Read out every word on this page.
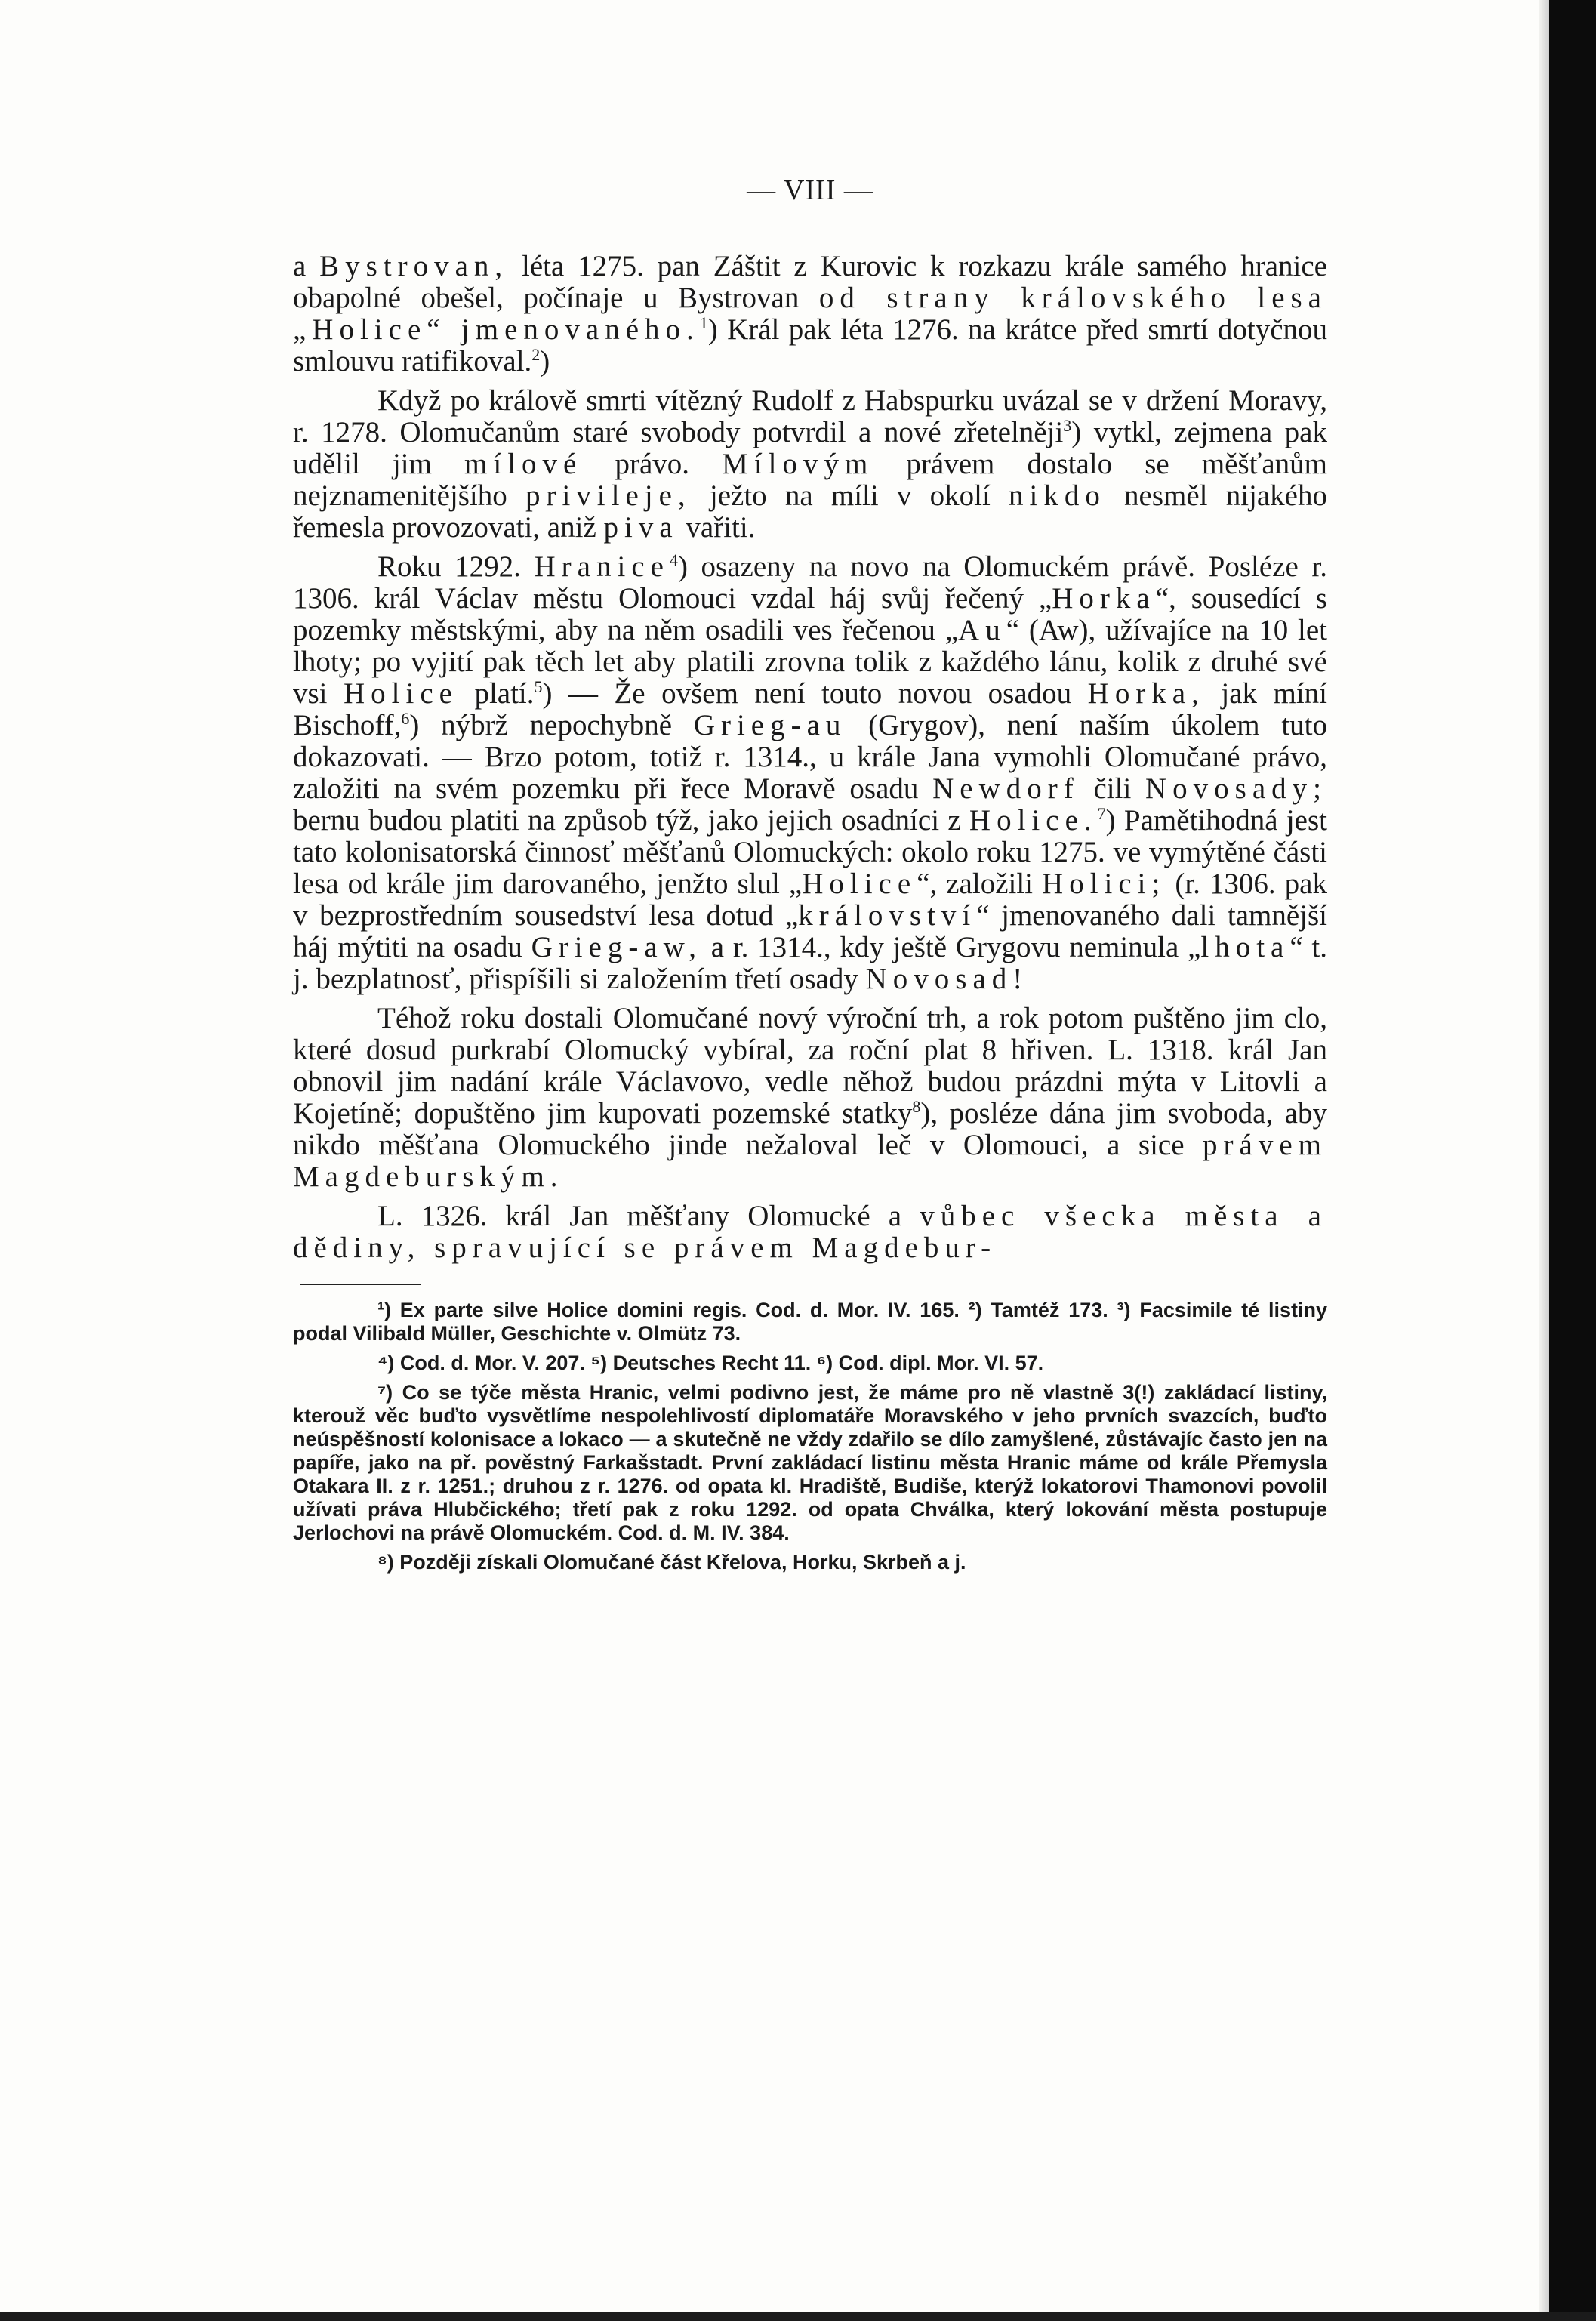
— VIII —

a Bystrovan, léta 1275. pan Záštit z Kurovic k rozkazu krále samého hranice obapolné obešel, počínaje u Bystrovan od strany královského lesa „Holice“ jmenovaného.$^1$) Král pak léta 1276. na krátce před smrtí dotyčnou smlouvu ratifikoval.$^2$)

Když po králově smrti vítězný Rudolf z Habspurku uvázal se v držení Moravy, r. 1278. Olomučanům staré svobody potvrdil a nové zřetelněji$^3$) vytkl, zejmena pak udělil jim mílové právo. Mílovým právem dostalo se měšťanům nejznamenitějšího privileje, ježto na míli v okolí nikdo nesměl nijakého řemesla provozovati, aniž piva vařiti.

Roku 1292. Hranice$^4$) osazeny na novo na Olomuckém právě. Posléze r. 1306. král Václav městu Olomouci vzdal háj svůj řečený „Horka“, sousedící s pozemky městskými, aby na něm osadili ves řečenou „Au“ (Aw), užívajíce na 10 let lhoty; po vyjití pak těch let aby platili zrovna tolik z každého lánu, kolik z druhé své vsi Holice platí.$^5$) — Že ovšem není touto novou osadou Horka, jak míní Bischoff,$^6$) nýbrž nepochybně Grieg-au (Grygov), není naším úkolem tuto dokazovati. — Brzo potom, totiž r. 1314., u krále Jana vymohli Olomučané právo, založiti na svém pozemku při řece Moravě osadu Newdorf čili Novosady; bernu budou platiti na způsob týž, jako jejich osadníci z Holice.$^7$) Pamětihodná jest tato kolonisatorská činnosť měšťanů Olomuckých: okolo roku 1275. ve vymýtěné části lesa od krále jim darovaného, jenžto slul „Holice“, založili Holici; (r. 1306. pak v bezprostředním sousedství lesa dotud „království“ jmenovaného dali tamnější háj mýtiti na osadu Grieg-aw, a r. 1314., kdy ještě Grygovu neminula „lhota“ t. j. bezplatnosť, přispíšili si založením třetí osady Novosad!

Téhož roku dostali Olomučané nový výroční trh, a rok potom puštěno jim clo, které dosud purkrabí Olomucký vybíral, za roční plat 8 hřiven. L. 1318. král Jan obnovil jim nadání krále Václavovo, vedle něhož budou prázdni mýta v Litovli a Kojetíně; dopuštěno jim kupovati pozemské statky$^8$), posléze dána jim svoboda, aby nikdo měšťana Olomuckého jinde nežaloval leč v Olomouci, a sice právem Magdeburským.

L. 1326. král Jan měšťany Olomucké a vůbec všecka města a dědiny, spravující se právem Magdebur-

¹) Ex parte silve Holice domini regis. Cod. d. Mor. IV. 165. ²) Tamtéž 173. ³) Facsimile té listiny podal Vilibald Müller, Geschichte v. Olmütz 73.

⁴) Cod. d. Mor. V. 207. ⁵) Deutsches Recht 11. ⁶) Cod. dipl. Mor. VI. 57.

⁷) Co se týče města Hranic, velmi podivno jest, že máme pro ně vlastně 3(!) zakládací listiny, kterouž věc buďto vysvětlíme nespolehlivostí diplomatáře Moravského v jeho prvních svazcích, buďto neúspěšností kolonisace a lokaco — a skutečně ne vždy zdařilo se dílo zamyšlené, zůstávajíc často jen na papíře, jako na př. pověstný Farkašstadt. První zakládací listinu města Hranic máme od krále Přemysla Otakara II. z r. 1251.; druhou z r. 1276. od opata kl. Hradiště, Budiše, kterýž lokatorovi Thamonovi povolil užívati práva Hlubčického; třetí pak z roku 1292. od opata Chválka, který lokování města postupuje Jerlochovi na právě Olomuckém. Cod. d. M. IV. 384.

⁸) Později získali Olomučané část Křelova, Horku, Skrbeň a j.
